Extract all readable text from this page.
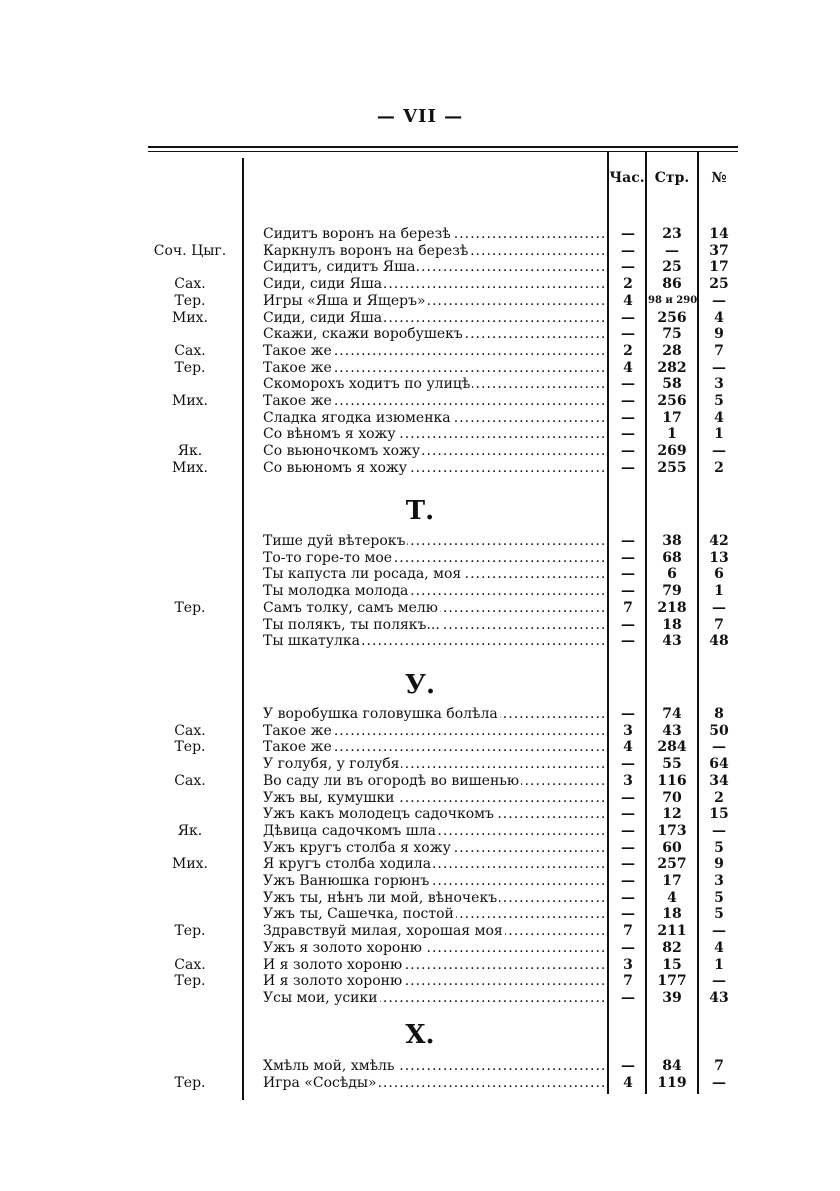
— VII —
Час. Стр.	№
Сидитъ воронъ на березѣ .....	—	23	14
Соч. Цыг.	Каркнулъ воронъ на березѣ .....	—	—	37
Сидитъ, сидитъ Яша .....	—	25	17
Сах.	Сиди, сиди Яша .....	2	86	25
Тер.	Игры «Яша и Ящеръ» .....	4	98 и 290	—
Мих.	Сиди, сиди Яша .....	—	256	4
Скажи, скажи воробушекъ .....	—	75	9
Сах.	Такое же .....	2	28	7
Тер.	Такое же .....	4	282	—
Скоморохъ ходитъ по улицѣ .....	—	58	3
Мих.	Такое же .....	—	256	5
Сладка ягодка изюменка .....	—	17	4
Со вѣномъ я хожу .....	—	1	1
Як.	Со вьюночкомъ хожу .....	—	269	—
Мих.	Со вьюномъ я хожу .....	—	255	2
Т.
Тише дуй вѣтерокъ .....	—	38	42
То-то горе-то мое .....	—	68	13
Ты капуста ли росада, моя .....	—	6	6
Ты молодка молода .....	—	79	1
Тер.	Самъ толку, самъ мелю .....	7	218	—
Ты полякъ, ты полякъ... .....	—	18	7
Ты шкатулка .....	—	43	48
У.
У воробушка головушка болѣла .....	—	74	8
Сах.	Такое же .....	3	43	50
Тер.	Такое же .....	4	284	—
У голубя, у голубя .....	—	55	64
Сах.	Во саду ли въ огородѣ во вишенью .....	3	116	34
Ужъ вы, кумушки .....	—	70	2
Ужъ какъ молодецъ садочкомъ .....	—	12	15
Як.	Дѣвица садочкомъ шла .....	—	173	—
Ужъ кругъ столба я хожу .....	—	60	5
Мих.	Я кругъ столба ходила .....	—	257	9
Ужъ Ванюшка горюнъ .....	—	17	3
Ужъ ты, нѣнъ ли мой, вѣночекъ .....	—	4	5
Ужъ ты, Сашечка, постой .....	—	18	5
Тер.	Здравствуй милая, хорошая моя .....	7	211	—
Ужъ я золото хороню .....	—	82	4
Сах.	И я золото хороню .....	3	15	1
Тер.	И я золото хороню .....	7	177	—
Усы мои, усики .....	—	39	43
Х.
Хмѣль мой, хмѣль .....	—	84	7
Тер.	Игра «Сосѣды» .....	4	119	—
